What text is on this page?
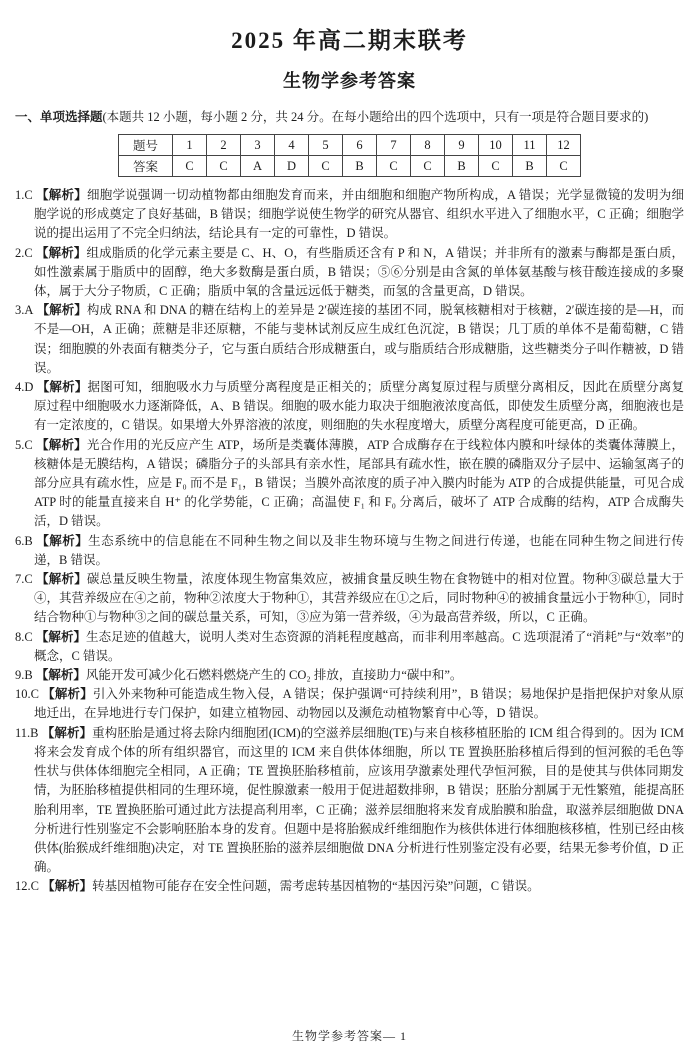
2025 年高二期末联考
生物学参考答案

一、单项选择题(本题共 12 小题，每小题 2 分，共 24 分。在每小题给出的四个选项中，只有一项是符合题目要求的)

题号	1	2	3	4	5	6	7	8	9	10	11	12
答案	C	C	A	D	C	B	C	C	B	C	B	C

1.C 【解析】细胞学说强调一切动植物都由细胞发育而来，并由细胞和细胞产物所构成，A 错误；光学显微镜的发明为细胞学说的形成奠定了良好基础，B 错误；细胞学说使生物学的研究从器官、组织水平进入了细胞水平，C 正确；细胞学说的提出运用了不完全归纳法，结论具有一定的可靠性，D 错误。

2.C 【解析】组成脂质的化学元素主要是 C、H、O，有些脂质还含有 P 和 N，A 错误；并非所有的激素与酶都是蛋白质，如性激素属于脂质中的固醇，绝大多数酶是蛋白质，B 错误；⑤⑥分别是由含氮的单体氨基酸与核苷酸连接成的多聚体，属于大分子物质，C 正确；脂质中氧的含量远远低于糖类，而氢的含量更高，D 错误。

3.A 【解析】构成 RNA 和 DNA 的糖在结构上的差异是 2′碳连接的基团不同，脱氧核糖相对于核糖，2′碳连接的是—H，而不是—OH，A 正确；蔗糖是非还原糖，不能与斐林试剂反应生成红色沉淀，B 错误；几丁质的单体不是葡萄糖，C 错误；细胞膜的外表面有糖类分子，它与蛋白质结合形成糖蛋白，或与脂质结合形成糖脂，这些糖类分子叫作糖被，D 错误。

4.D 【解析】据图可知，细胞吸水力与质壁分离程度是正相关的；质壁分离复原过程与质壁分离相反，因此在质壁分离复原过程中细胞吸水力逐渐降低，A、B 错误。细胞的吸水能力取决于细胞液浓度高低，即使发生质壁分离，细胞液也是有一定浓度的，C 错误。如果增大外界溶液的浓度，则细胞的失水程度增大，质壁分离程度可能更高，D 正确。

5.C 【解析】光合作用的光反应产生 ATP，场所是类囊体薄膜，ATP 合成酶存在于线粒体内膜和叶绿体的类囊体薄膜上，核糖体是无膜结构，A 错误；磷脂分子的头部具有亲水性，尾部具有疏水性，嵌在膜的磷脂双分子层中、运输氢离子的部分应具有疏水性，应是 F₀ 而不是 F₁，B 错误；当膜外高浓度的质子冲入膜内时能为 ATP 的合成提供能量，可见合成 ATP 时的能量直接来自 H⁺ 的化学势能，C 正确；高温使 F₁ 和 F₀ 分离后，破坏了 ATP 合成酶的结构，ATP 合成酶失活，D 错误。

6.B 【解析】生态系统中的信息能在不同种生物之间以及非生物环境与生物之间进行传递，也能在同种生物之间进行传递，B 错误。

7.C 【解析】碳总量反映生物量，浓度体现生物富集效应，被捕食量反映生物在食物链中的相对位置。物种③碳总量大于④，其营养级应在④之前，物种②浓度大于物种①，其营养级应在①之后，同时物种④的被捕食量远小于物种①，同时结合物种①与物种③之间的碳总量关系，可知，③应为第一营养级，④为最高营养级，所以，C 正确。

8.C 【解析】生态足迹的值越大，说明人类对生态资源的消耗程度越高，而非利用率越高。C 选项混淆了“消耗”与“效率”的概念，C 错误。

9.B 【解析】风能开发可减少化石燃料燃烧产生的 CO₂ 排放，直接助力“碳中和”。

10.C 【解析】引入外来物种可能造成生物入侵，A 错误；保护强调“可持续利用”，B 错误；易地保护是指把保护对象从原地迁出，在异地进行专门保护，如建立植物园、动物园以及濒危动植物繁育中心等，D 错误。

11.B 【解析】重构胚胎是通过将去除内细胞团(ICM)的空滋养层细胞(TE)与来自核移植胚胎的 ICM 组合得到的。因为 ICM 将来会发育成个体的所有组织器官，而这里的 ICM 来自供体体细胞，所以 TE 置换胚胎移植后得到的恒河猴的毛色等性状与供体体细胞完全相同，A 正确；TE 置换胚胎移植前，应该用孕激素处理代孕恒河猴，目的是使其与供体同期发情，为胚胎移植提供相同的生理环境，促性腺激素一般用于促进超数排卵，B 错误；胚胎分割属于无性繁殖，能提高胚胎利用率，TE 置换胚胎可通过此方法提高利用率，C 正确；滋养层细胞将来发育成胎膜和胎盘，取滋养层细胞做 DNA 分析进行性别鉴定不会影响胚胎本身的发育。但题中是将胎猴成纤维细胞作为核供体进行体细胞核移植，性别已经由核供体(胎猴成纤维细胞)决定，对 TE 置换胚胎的滋养层细胞做 DNA 分析进行性别鉴定没有必要，结果无参考价值，D 正确。

12.C 【解析】转基因植物可能存在安全性问题，需考虑转基因植物的“基因污染”问题，C 错误。

生物学参考答案— 1
